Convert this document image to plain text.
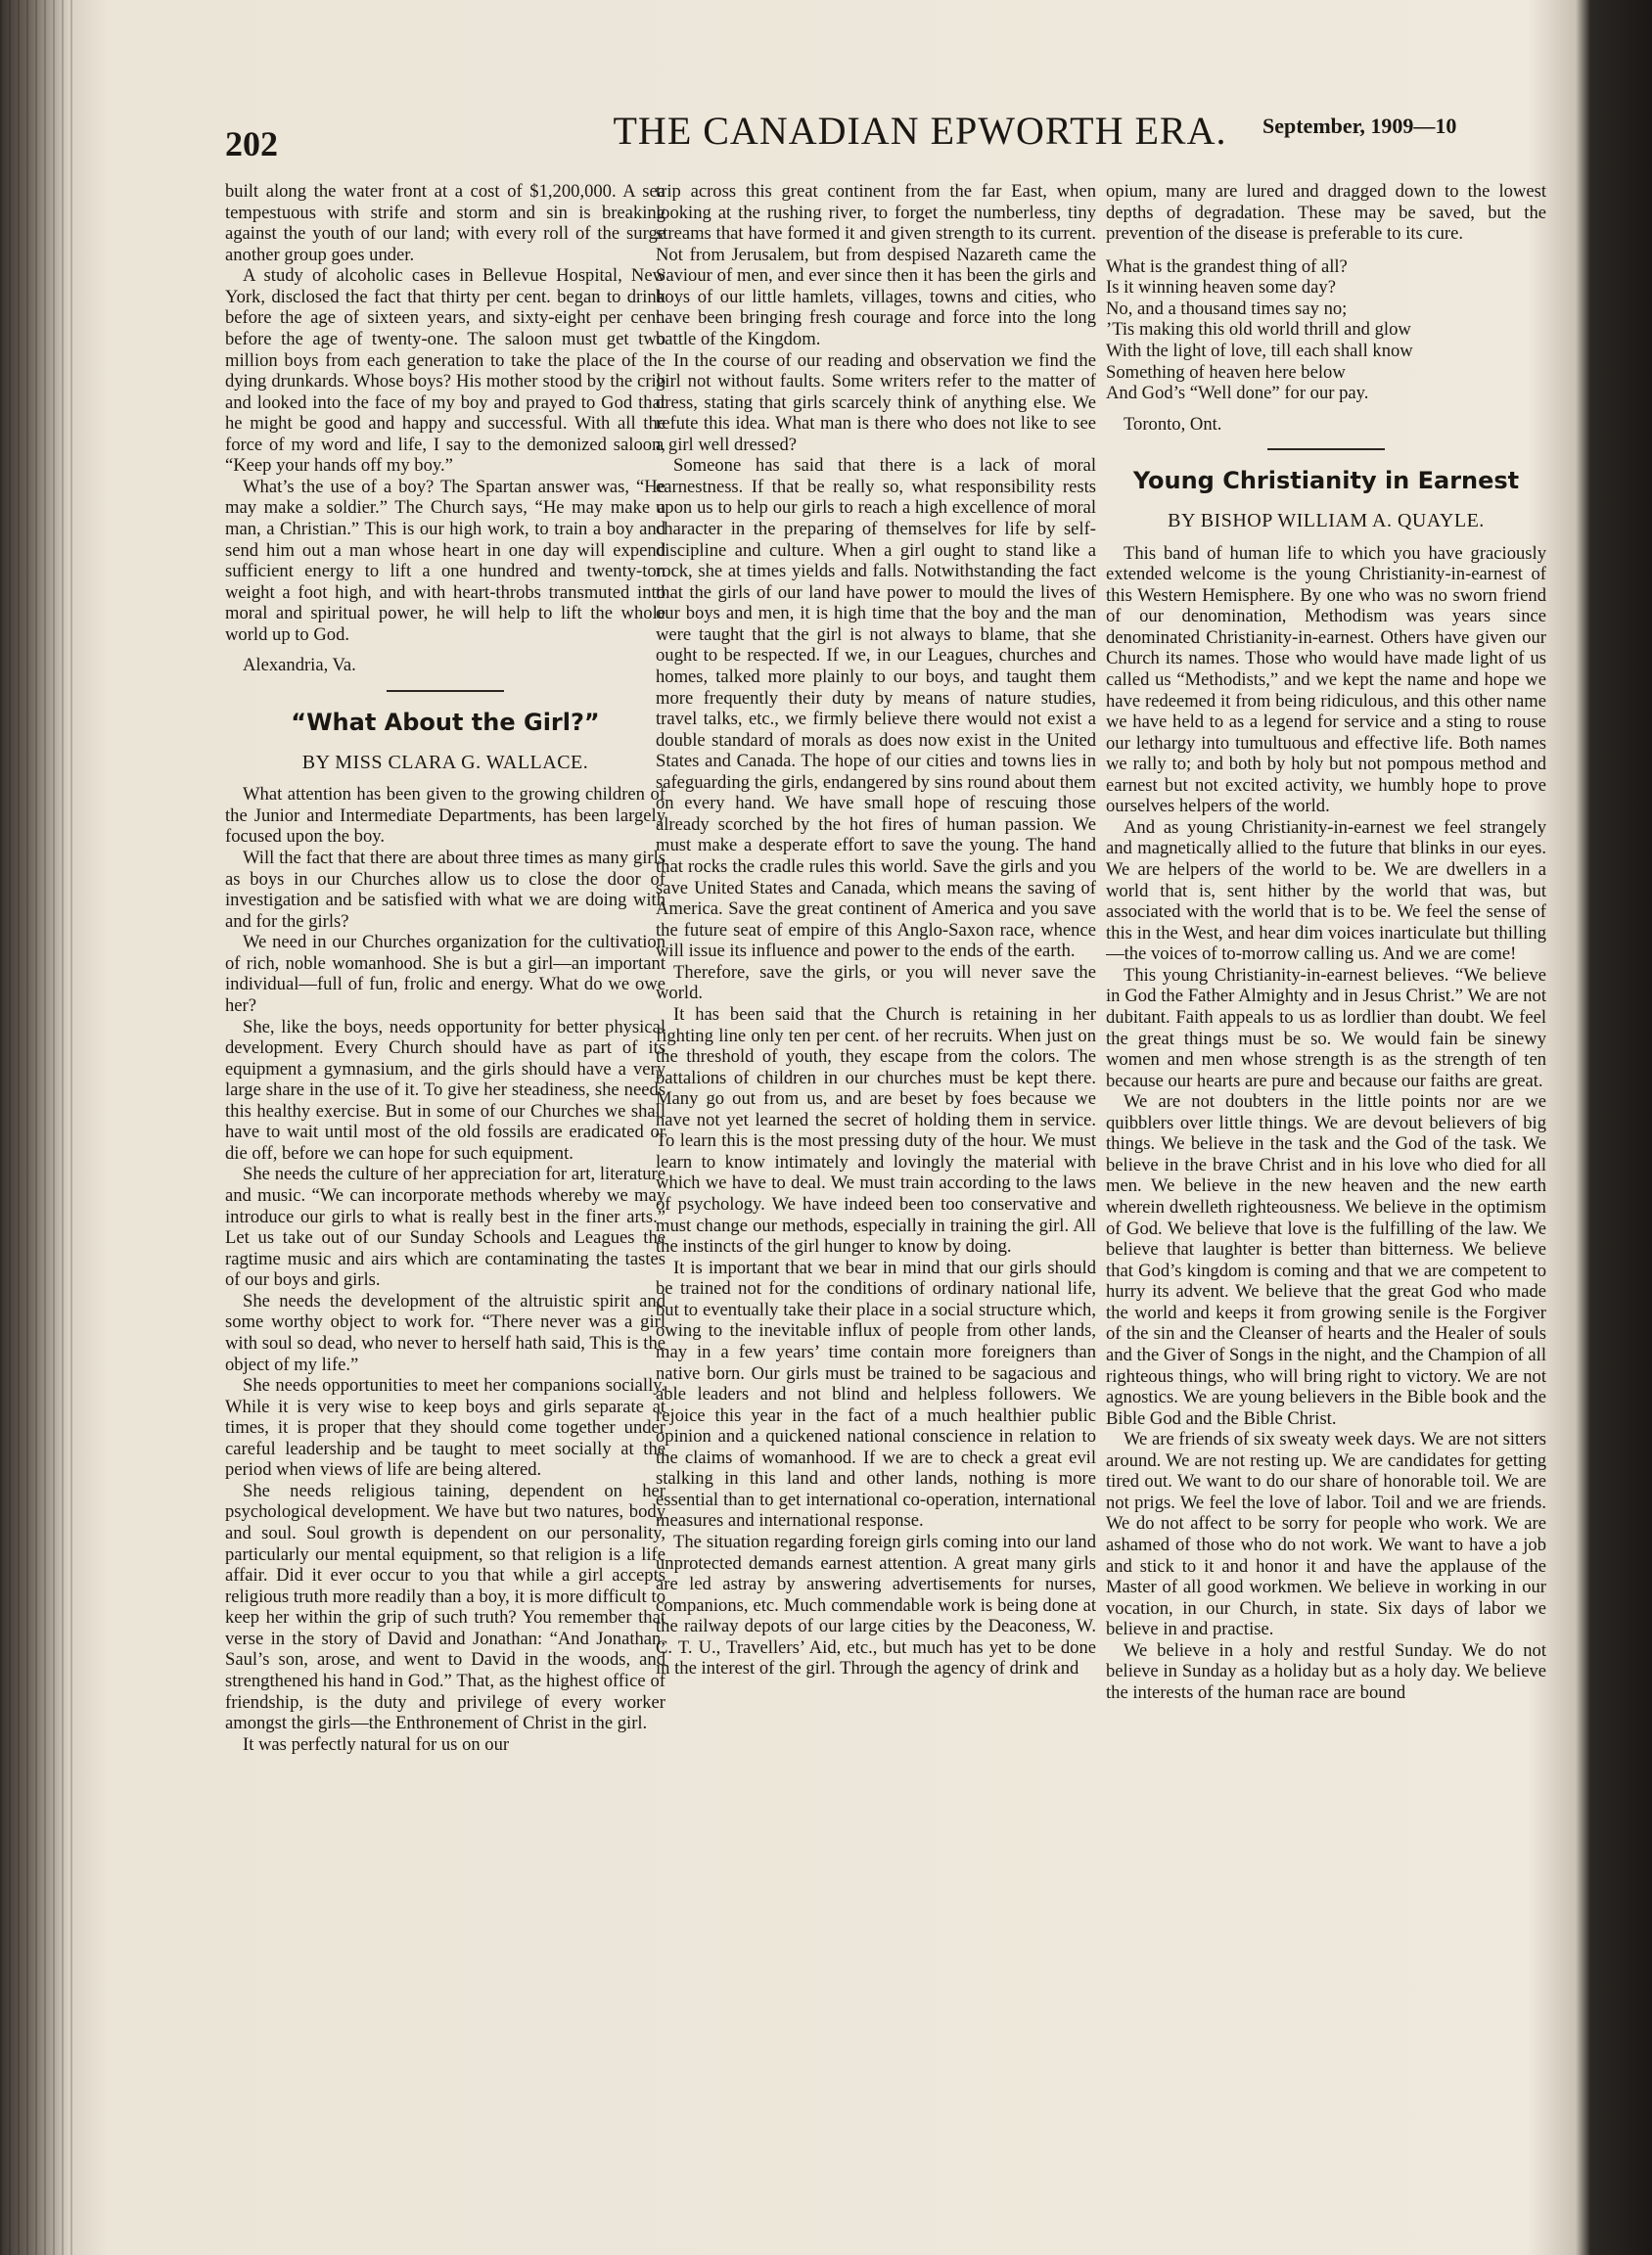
202	THE CANADIAN EPWORTH ERA. September, 1909—10

built along the water front at a cost of $1,200,000. A sea tempestuous with strife and storm and sin is breaking against the youth of our land; with every roll of the surge another group goes under.

A study of alcoholic cases in Bellevue Hospital, New York, disclosed the fact that thirty per cent. began to drink before the age of sixteen years, and sixty-eight per cent. before the age of twenty-one. The saloon must get two million boys from each generation to take the place of the dying drunkards. Whose boys? His mother stood by the crib and looked into the face of my boy and prayed to God that he might be good and happy and successful. With all the force of my word and life, I say to the demonized saloon, “Keep your hands off my boy.”

What’s the use of a boy? The Spartan answer was, “He may make a soldier.” The Church says, “He may make a man, a Christian.” This is our high work, to train a boy and send him out a man whose heart in one day will expend sufficient energy to lift a one hundred and twenty-ton weight a foot high, and with heart-throbs transmuted into moral and spiritual power, he will help to lift the whole world up to God.

Alexandria, Va.

“What About the Girl?”
BY MISS CLARA G. WALLACE.

What attention has been given to the growing children of the Junior and Intermediate Departments, has been largely focused upon the boy.

Will the fact that there are about three times as many girls as boys in our Churches allow us to close the door of investigation and be satisfied with what we are doing with and for the girls?

We need in our Churches organization for the cultivation of rich, noble womanhood. She is but a girl—an important individual—full of fun, frolic and energy. What do we owe her?

She, like the boys, needs opportunity for better physical development. Every Church should have as part of its equipment a gymnasium, and the girls should have a very large share in the use of it. To give her steadiness, she needs this healthy exercise. But in some of our Churches we shall have to wait until most of the old fossils are eradicated or die off, before we can hope for such equipment.

She needs the culture of her appreciation for art, literature and music. “We can incorporate methods whereby we may introduce our girls to what is really best in the finer arts.” Let us take out of our Sunday Schools and Leagues the ragtime music and airs which are contaminating the tastes of our boys and girls.

She needs the development of the altruistic spirit and some worthy object to work for. “There never was a girl with soul so dead, who never to herself hath said, This is the object of my life.”

She needs opportunities to meet her companions socially. While it is very wise to keep boys and girls separate at times, it is proper that they should come together under careful leadership and be taught to meet socially at the period when views of life are being altered.

She needs religious taining, dependent on her psychological development. We have but two natures, body and soul. Soul growth is dependent on our personality, particularly our mental equipment, so that religion is a life affair. Did it ever occur to you that while a girl accepts religious truth more readily than a boy, it is more difficult to keep her within the grip of such truth? You remember that verse in the story of David and Jonathan: “And Jonathan, Saul’s son, arose, and went to David in the woods, and strengthened his hand in God.” That, as the highest office of friendship, is the duty and privilege of every worker amongst the girls—the Enthronement of Christ in the girl.

It was perfectly natural for us on our

trip across this great continent from the far East, when looking at the rushing river, to forget the numberless, tiny streams that have formed it and given strength to its current. Not from Jerusalem, but from despised Nazareth came the Saviour of men, and ever since then it has been the girls and boys of our little hamlets, villages, towns and cities, who have been bringing fresh courage and force into the long battle of the Kingdom.

In the course of our reading and observation we find the girl not without faults. Some writers refer to the matter of dress, stating that girls scarcely think of anything else. We refute this idea. What man is there who does not like to see a girl well dressed?

Someone has said that there is a lack of moral earnestness. If that be really so, what responsibility rests upon us to help our girls to reach a high excellence of moral character in the preparing of themselves for life by self-discipline and culture. When a girl ought to stand like a rock, she at times yields and falls. Notwithstanding the fact that the girls of our land have power to mould the lives of our boys and men, it is high time that the boy and the man were taught that the girl is not always to blame, that she ought to be respected. If we, in our Leagues, churches and homes, talked more plainly to our boys, and taught them more frequently their duty by means of nature studies, travel talks, etc., we firmly believe there would not exist a double standard of morals as does now exist in the United States and Canada. The hope of our cities and towns lies in safeguarding the girls, endangered by sins round about them on every hand. We have small hope of rescuing those already scorched by the hot fires of human passion. We must make a desperate effort to save the young. The hand that rocks the cradle rules this world. Save the girls and you save United States and Canada, which means the saving of America. Save the great continent of America and you save the future seat of empire of this Anglo-Saxon race, whence will issue its influence and power to the ends of the earth.

Therefore, save the girls, or you will never save the world.

It has been said that the Church is retaining in her fighting line only ten per cent. of her recruits. When just on the threshold of youth, they escape from the colors. The battalions of children in our churches must be kept there. Many go out from us, and are beset by foes because we have not yet learned the secret of holding them in service. To learn this is the most pressing duty of the hour. We must learn to know intimately and lovingly the material with which we have to deal. We must train according to the laws of psychology. We have indeed been too conservative and must change our methods, especially in training the girl. All the instincts of the girl hunger to know by doing.

It is important that we bear in mind that our girls should be trained not for the conditions of ordinary national life, but to eventually take their place in a social structure which, owing to the inevitable influx of people from other lands, may in a few years’ time contain more foreigners than native born. Our girls must be trained to be sagacious and able leaders and not blind and helpless followers. We rejoice this year in the fact of a much healthier public opinion and a quickened national conscience in relation to the claims of womanhood. If we are to check a great evil stalking in this land and other lands, nothing is more essential than to get international co-operation, international measures and international response.

The situation regarding foreign girls coming into our land unprotected demands earnest attention. A great many girls are led astray by answering advertisements for nurses, companions, etc. Much commendable work is being done at the railway depots of our large cities by the Deaconess, W. C. T. U., Travellers’ Aid, etc., but much has yet to be done in the interest of the girl. Through the agency of drink and

opium, many are lured and dragged down to the lowest depths of degradation. These may be saved, but the prevention of the disease is preferable to its cure.

What is the grandest thing of all?

Is it winning heaven some day?

No, and a thousand times say no;

’Tis making this old world thrill and glow

With the light of love, till each shall know

Something of heaven here below

And God’s “Well done” for our pay.

Toronto, Ont.

Young Christianity in Earnest
BY BISHOP WILLIAM A. QUAYLE.

This band of human life to which you have graciously extended welcome is the young Christianity-in-earnest of this Western Hemisphere. By one who was no sworn friend of our denomination, Methodism was years since denominated Christianity-in-earnest. Others have given our Church its names. Those who would have made light of us called us “Methodists,” and we kept the name and hope we have redeemed it from being ridiculous, and this other name we have held to as a legend for service and a sting to rouse our lethargy into tumultuous and effective life. Both names we rally to; and both by holy but not pompous method and earnest but not excited activity, we humbly hope to prove ourselves helpers of the world.

And as young Christianity-in-earnest we feel strangely and magnetically allied to the future that blinks in our eyes. We are helpers of the world to be. We are dwellers in a world that is, sent hither by the world that was, but associated with the world that is to be. We feel the sense of this in the West, and hear dim voices inarticulate but thilling—the voices of to-morrow calling us. And we are come!

This young Christianity-in-earnest believes. “We believe in God the Father Almighty and in Jesus Christ.” We are not dubitant. Faith appeals to us as lordlier than doubt. We feel the great things must be so. We would fain be sinewy women and men whose strength is as the strength of ten because our hearts are pure and because our faiths are great.

We are not doubters in the little points nor are we quibblers over little things. We are devout believers of big things. We believe in the task and the God of the task. We believe in the brave Christ and in his love who died for all men. We believe in the new heaven and the new earth wherein dwelleth righteousness. We believe in the optimism of God. We believe that love is the fulfilling of the law. We believe that laughter is better than bitterness. We believe that God’s kingdom is coming and that we are competent to hurry its advent. We believe that the great God who made the world and keeps it from growing senile is the Forgiver of the sin and the Cleanser of hearts and the Healer of souls and the Giver of Songs in the night, and the Champion of all righteous things, who will bring right to victory. We are not agnostics. We are young believers in the Bible book and the Bible God and the Bible Christ.

We are friends of six sweaty week days. We are not sitters around. We are not resting up. We are candidates for getting tired out. We want to do our share of honorable toil. We are not prigs. We feel the love of labor. Toil and we are friends. We do not affect to be sorry for people who work. We are ashamed of those who do not work. We want to have a job and stick to it and honor it and have the applause of the Master of all good workmen. We believe in working in our vocation, in our Church, in state. Six days of labor we believe in and practise.

We believe in a holy and restful Sunday. We do not believe in Sunday as a holiday but as a holy day. We believe the interests of the human race are bound
